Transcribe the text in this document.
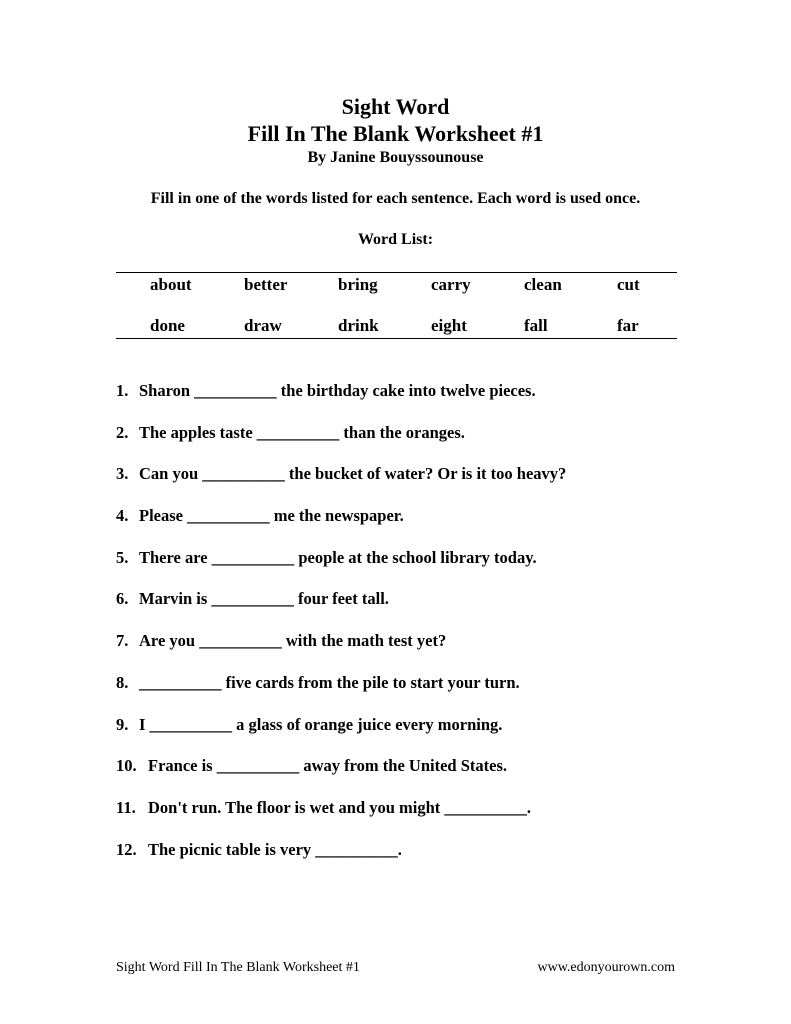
Sight Word
Fill In The Blank Worksheet #1
By Janine Bouyssounouse
Fill in one of the words listed for each sentence. Each word is used once.
Word List:
about	better	bring	carry	clean	cut
done	draw	drink	eight	fall	far
1. Sharon __________ the birthday cake into twelve pieces.
2. The apples taste __________ than the oranges.
3. Can you __________ the bucket of water? Or is it too heavy?
4. Please __________ me the newspaper.
5. There are __________ people at the school library today.
6. Marvin is __________ four feet tall.
7. Are you __________ with the math test yet?
8. __________ five cards from the pile to start your turn.
9. I __________ a glass of orange juice every morning.
10. France is __________ away from the United States.
11. Don't run. The floor is wet and you might __________.
12. The picnic table is very __________.
Sight Word Fill In The Blank Worksheet #1	www.edonyourown.com
